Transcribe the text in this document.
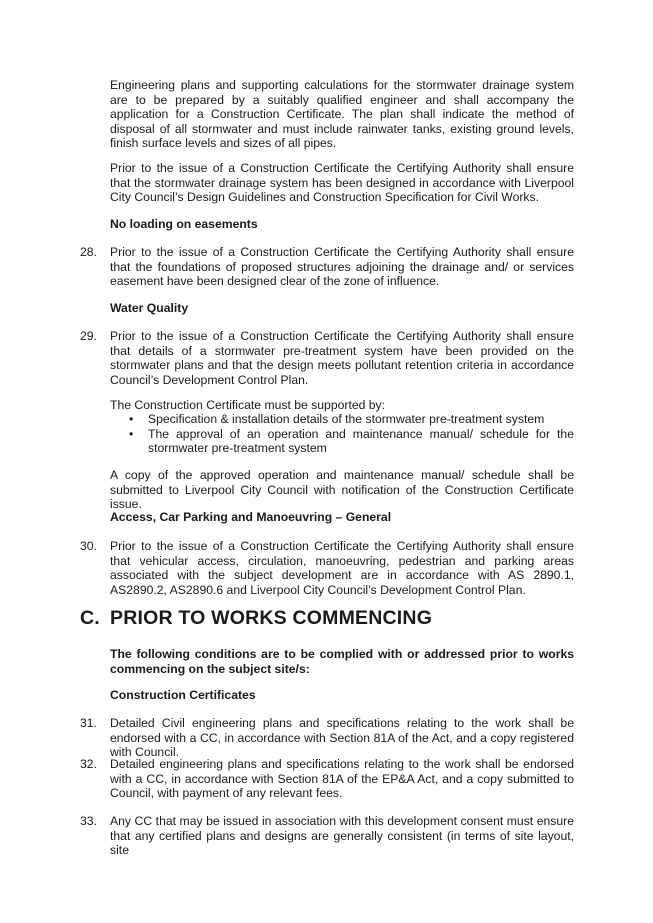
Engineering plans and supporting calculations for the stormwater drainage system are to be prepared by a suitably qualified engineer and shall accompany the application for a Construction Certificate. The plan shall indicate the method of disposal of all stormwater and must include rainwater tanks, existing ground levels, finish surface levels and sizes of all pipes.

Prior to the issue of a Construction Certificate the Certifying Authority shall ensure that the stormwater drainage system has been designed in accordance with Liverpool City Council’s Design Guidelines and Construction Specification for Civil Works.

No loading on easements

28. Prior to the issue of a Construction Certificate the Certifying Authority shall ensure that the foundations of proposed structures adjoining the drainage and/ or services easement have been designed clear of the zone of influence.

Water Quality

29. Prior to the issue of a Construction Certificate the Certifying Authority shall ensure that details of a stormwater pre-treatment system have been provided on the stormwater plans and that the design meets pollutant retention criteria in accordance Council’s Development Control Plan.

The Construction Certificate must be supported by:

• Specification & installation details of the stormwater pre-treatment system
• The approval of an operation and maintenance manual/ schedule for the stormwater pre-treatment system

A copy of the approved operation and maintenance manual/ schedule shall be submitted to Liverpool City Council with notification of the Construction Certificate issue.

Access, Car Parking and Manoeuvring – General

30. Prior to the issue of a Construction Certificate the Certifying Authority shall ensure that vehicular access, circulation, manoeuvring, pedestrian and parking areas associated with the subject development are in accordance with AS 2890.1, AS2890.2, AS2890.6 and Liverpool City Council’s Development Control Plan.

C. PRIOR TO WORKS COMMENCING

The following conditions are to be complied with or addressed prior to works commencing on the subject site/s:

Construction Certificates

31. Detailed Civil engineering plans and specifications relating to the work shall be endorsed with a CC, in accordance with Section 81A of the Act, and a copy registered with Council.

32. Detailed engineering plans and specifications relating to the work shall be endorsed with a CC, in accordance with Section 81A of the EP&A Act, and a copy submitted to Council, with payment of any relevant fees.

33. Any CC that may be issued in association with this development consent must ensure that any certified plans and designs are generally consistent (in terms of site layout, site
